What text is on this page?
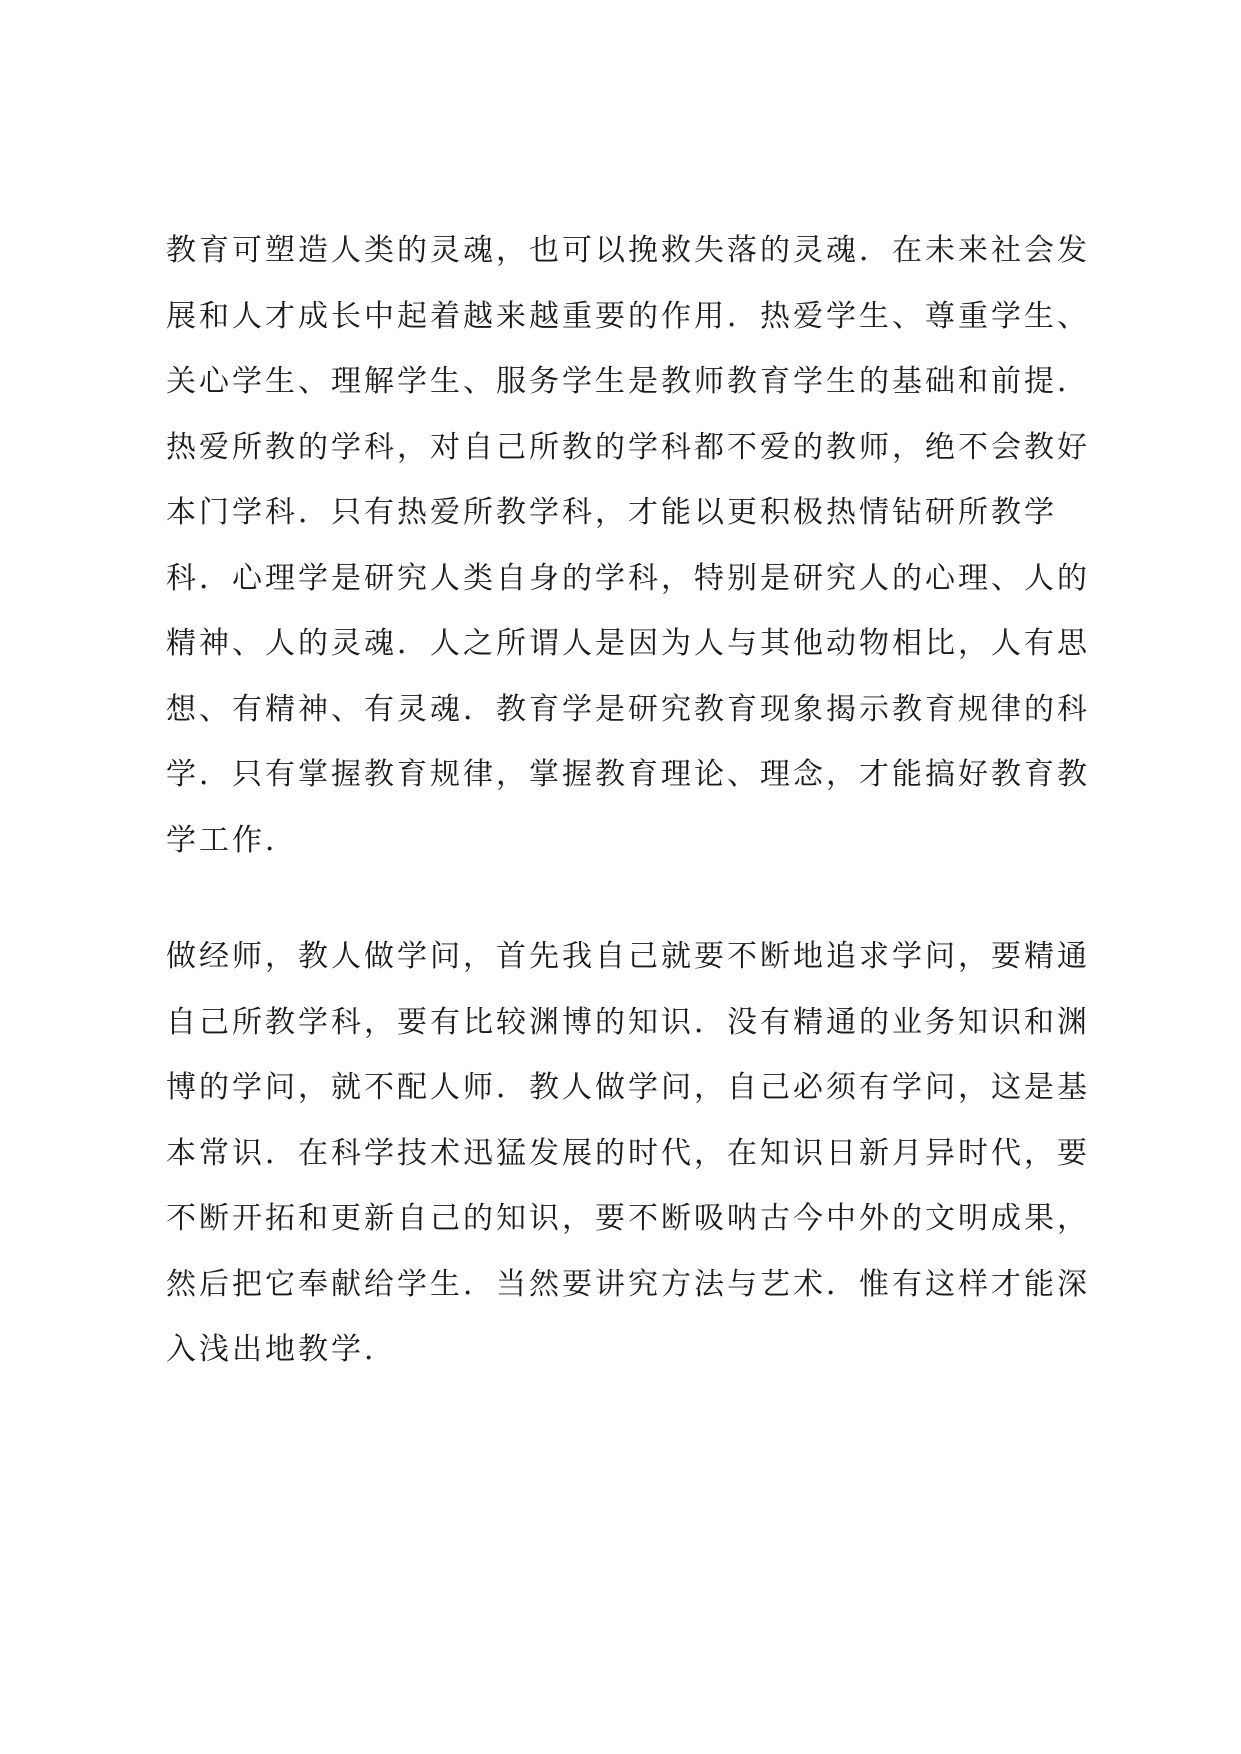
教育可塑造人类的灵魂，也可以挽救失落的灵魂．在未来社会发
展和人才成长中起着越来越重要的作用．热爱学生、尊重学生、
关心学生、理解学生、服务学生是教师教育学生的基础和前提．
热爱所教的学科，对自己所教的学科都不爱的教师，绝不会教好
本门学科．只有热爱所教学科，才能以更积极热情钻研所教学
科．心理学是研究人类自身的学科，特别是研究人的心理、人的
精神、人的灵魂．人之所谓人是因为人与其他动物相比，人有思
想、有精神、有灵魂．教育学是研究教育现象揭示教育规律的科
学．只有掌握教育规律，掌握教育理论、理念，才能搞好教育教
学工作．
做经师，教人做学问，首先我自己就要不断地追求学问，要精通
自己所教学科，要有比较渊博的知识．没有精通的业务知识和渊
博的学问，就不配人师．教人做学问，自己必须有学问，这是基
本常识．在科学技术迅猛发展的时代，在知识日新月异时代，要
不断开拓和更新自己的知识，要不断吸呐古今中外的文明成果，
然后把它奉献给学生．当然要讲究方法与艺术．惟有这样才能深
入浅出地教学．
